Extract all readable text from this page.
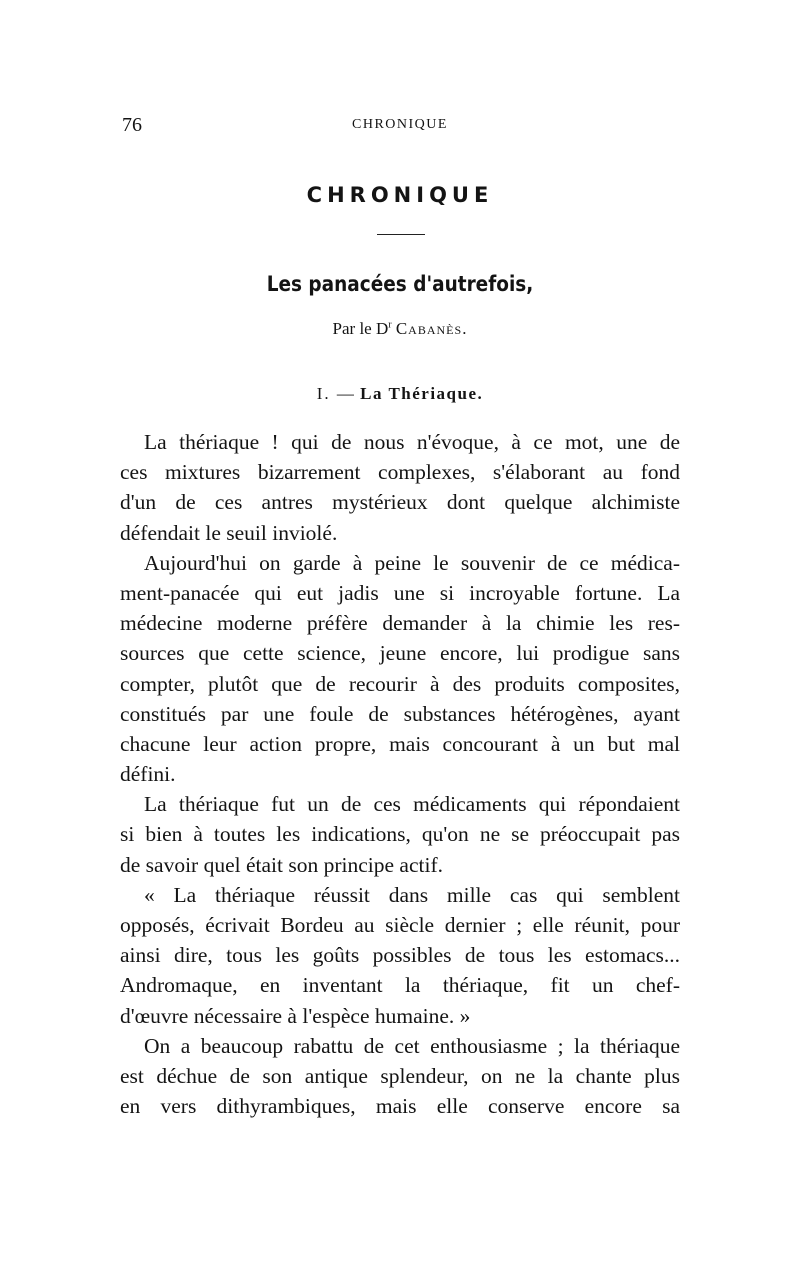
76	CHRONIQUE
CHRONIQUE
Les panacées d'autrefois,
Par le $D^r$ Cabanès.
I. — La Thériaque.
La thériaque ! qui de nous n'évoque, à ce mot, une de
ces mixtures bizarrement complexes, s'élaborant au fond
d'un de ces antres mystérieux dont quelque alchimiste
défendait le seuil inviolé.
Aujourd'hui on garde à peine le souvenir de ce médica-
ment-panacée qui eut jadis une si incroyable fortune. La
médecine moderne préfère demander à la chimie les res-
sources que cette science, jeune encore, lui prodigue sans
compter, plutôt que de recourir à des produits composites,
constitués par une foule de substances hétérogènes, ayant
chacune leur action propre, mais concourant à un but mal
défini.
La thériaque fut un de ces médicaments qui répondaient
si bien à toutes les indications, qu'on ne se préoccupait pas
de savoir quel était son principe actif.
« La thériaque réussit dans mille cas qui semblent
opposés, écrivait Bordeu au siècle dernier ; elle réunit, pour
ainsi dire, tous les goûts possibles de tous les estomacs...
Andromaque, en inventant la thériaque, fit un chef-
d'œuvre nécessaire à l'espèce humaine. »
On a beaucoup rabattu de cet enthousiasme ; la thériaque
est déchue de son antique splendeur, on ne la chante plus
en vers dithyrambiques, mais elle conserve encore sa
